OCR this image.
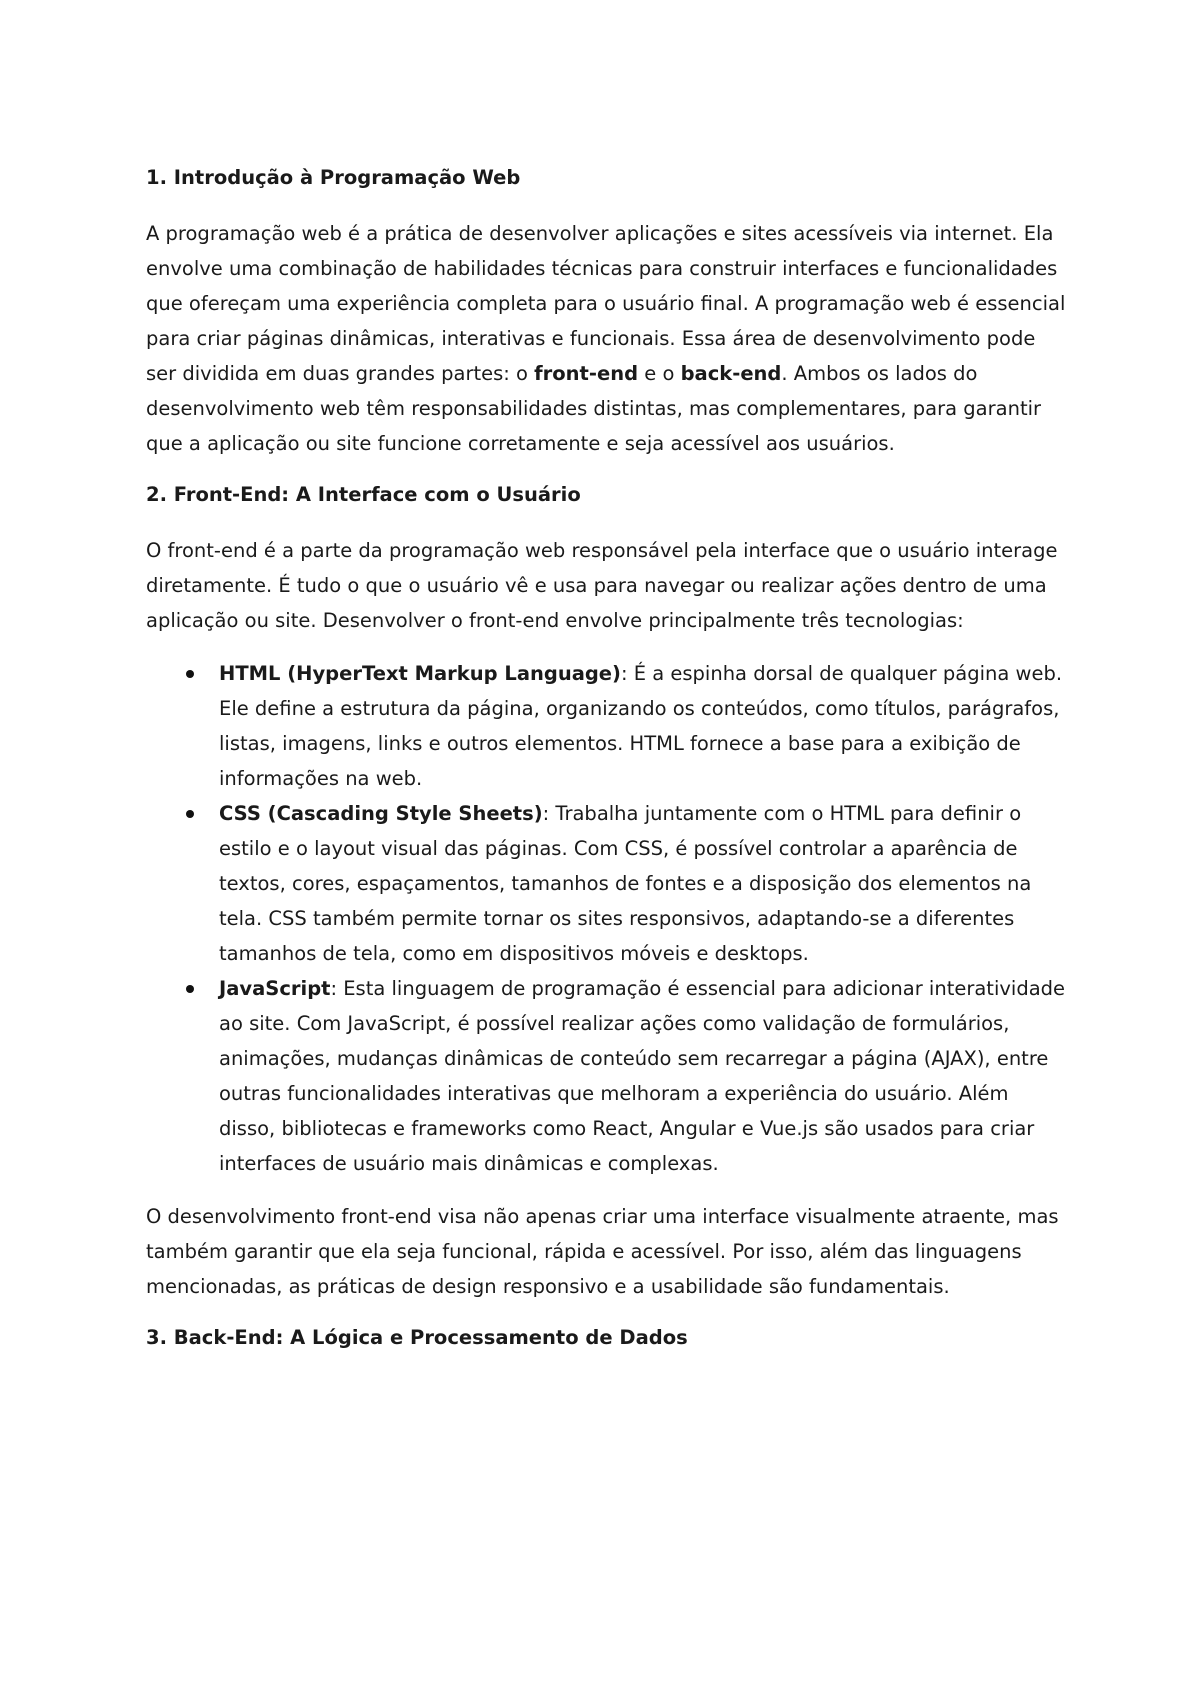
1. Introdução à Programação Web

A programação web é a prática de desenvolver aplicações e sites acessíveis via internet. Ela envolve uma combinação de habilidades técnicas para construir interfaces e funcionalidades que ofereçam uma experiência completa para o usuário final. A programação web é essencial para criar páginas dinâmicas, interativas e funcionais. Essa área de desenvolvimento pode ser dividida em duas grandes partes: o front-end e o back-end. Ambos os lados do desenvolvimento web têm responsabilidades distintas, mas complementares, para garantir que a aplicação ou site funcione corretamente e seja acessível aos usuários.

2. Front-End: A Interface com o Usuário

O front-end é a parte da programação web responsável pela interface que o usuário interage diretamente. É tudo o que o usuário vê e usa para navegar ou realizar ações dentro de uma aplicação ou site. Desenvolver o front-end envolve principalmente três tecnologias:

HTML (HyperText Markup Language): É a espinha dorsal de qualquer página web. Ele define a estrutura da página, organizando os conteúdos, como títulos, parágrafos, listas, imagens, links e outros elementos. HTML fornece a base para a exibição de informações na web.
CSS (Cascading Style Sheets): Trabalha juntamente com o HTML para definir o estilo e o layout visual das páginas. Com CSS, é possível controlar a aparência de textos, cores, espaçamentos, tamanhos de fontes e a disposição dos elementos na tela. CSS também permite tornar os sites responsivos, adaptando-se a diferentes tamanhos de tela, como em dispositivos móveis e desktops.
JavaScript: Esta linguagem de programação é essencial para adicionar interatividade ao site. Com JavaScript, é possível realizar ações como validação de formulários, animações, mudanças dinâmicas de conteúdo sem recarregar a página (AJAX), entre outras funcionalidades interativas que melhoram a experiência do usuário. Além disso, bibliotecas e frameworks como React, Angular e Vue.js são usados para criar interfaces de usuário mais dinâmicas e complexas.

O desenvolvimento front-end visa não apenas criar uma interface visualmente atraente, mas também garantir que ela seja funcional, rápida e acessível. Por isso, além das linguagens mencionadas, as práticas de design responsivo e a usabilidade são fundamentais.

3. Back-End: A Lógica e Processamento de Dados
